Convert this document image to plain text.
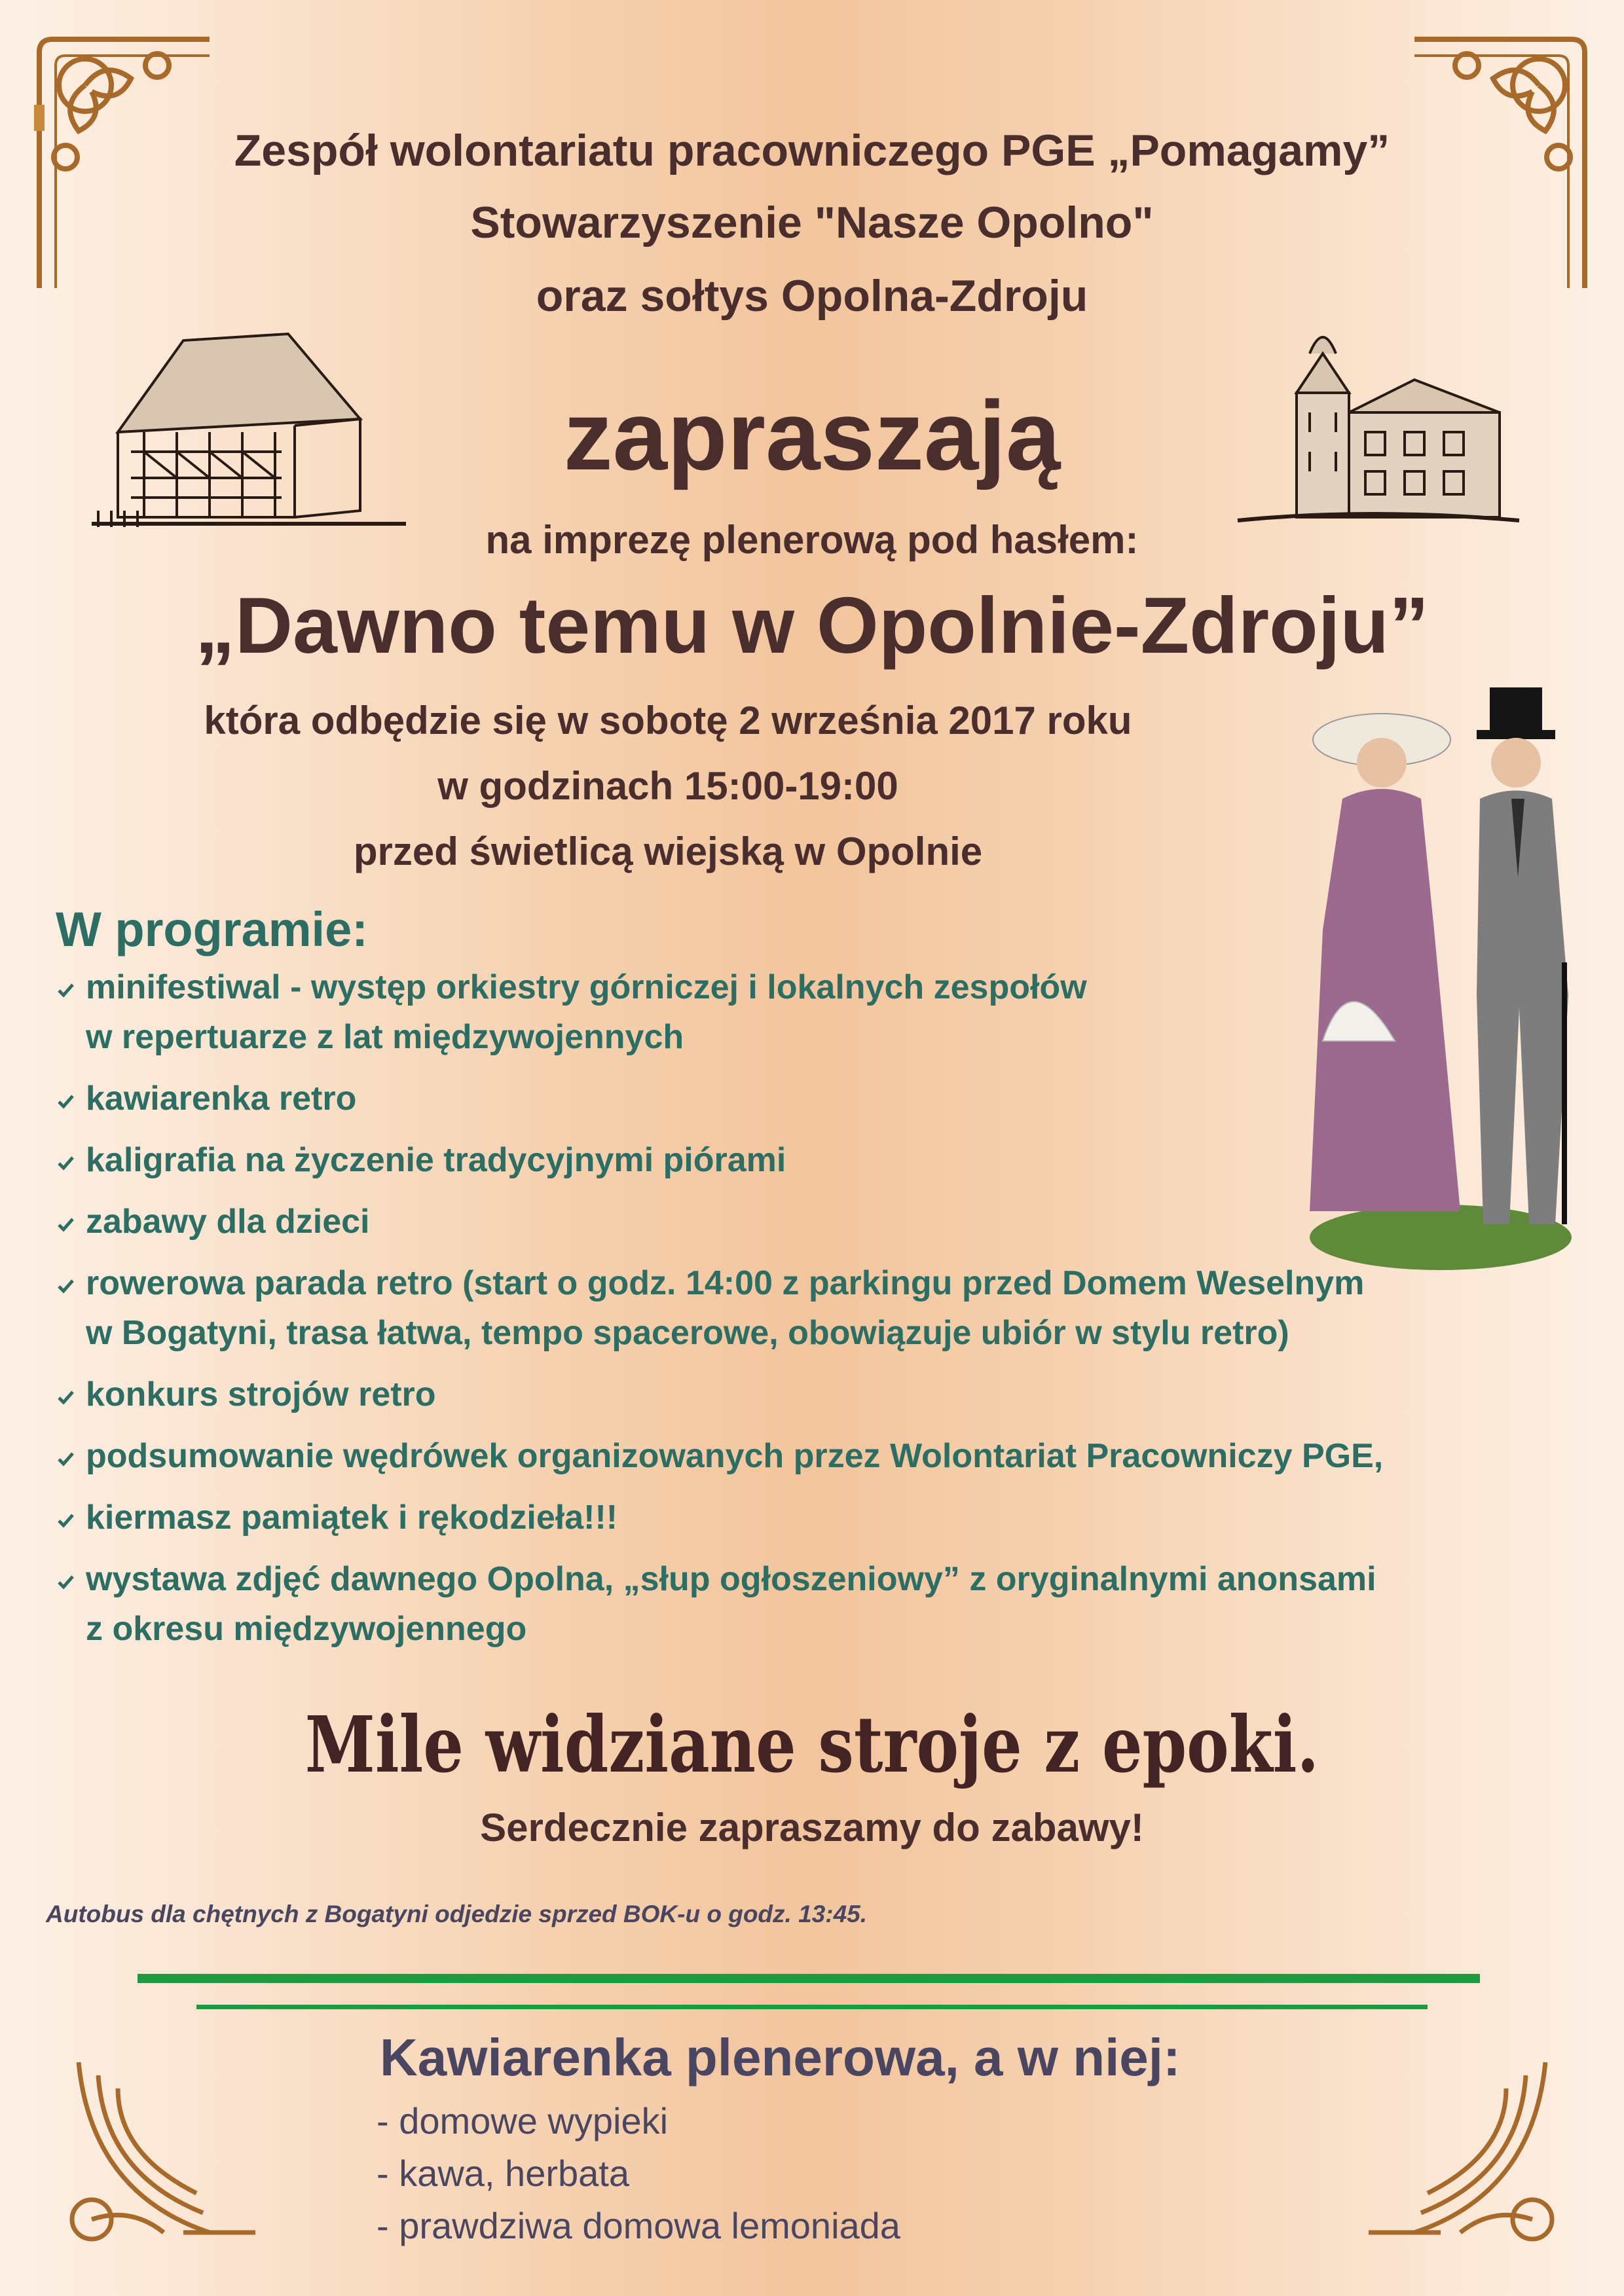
Zespół wolontariatu pracowniczego PGE „Pomagamy”
Stowarzyszenie "Nasze Opolno"
oraz sołtys Opolna-Zdroju
zapraszają
na imprezę plenerową pod hasłem:
„Dawno temu w Opolnie-Zdroju”
która odbędzie się w sobotę 2 września 2017 roku
w godzinach 15:00-19:00
przed świetlicą wiejską w Opolnie
W programie:
minifestiwal - występ orkiestry górniczej i lokalnych zespołów
w repertuarze z lat międzywojennych
kawiarenka retro
kaligrafia na życzenie tradycyjnymi piórami
zabawy dla dzieci
rowerowa parada retro (start o godz. 14:00 z parkingu przed Domem Weselnym
w Bogatyni, trasa łatwa, tempo spacerowe, obowiązuje ubiór w stylu retro)
konkurs strojów retro
podsumowanie wędrówek organizowanych przez Wolontariat Pracowniczy PGE,
kiermasz pamiątek i rękodzieła!!!
wystawa zdjęć dawnego Opolna, „słup ogłoszeniowy” z oryginalnymi anonsami
z okresu międzywojennego
Mile widziane stroje z epoki.
Serdecznie zapraszamy do zabawy!
Autobus dla chętnych z Bogatyni odjedzie sprzed BOK-u o godz. 13:45.
Kawiarenka plenerowa, a w niej:
- domowe wypieki
- kawa, herbata
- prawdziwa domowa lemoniada
